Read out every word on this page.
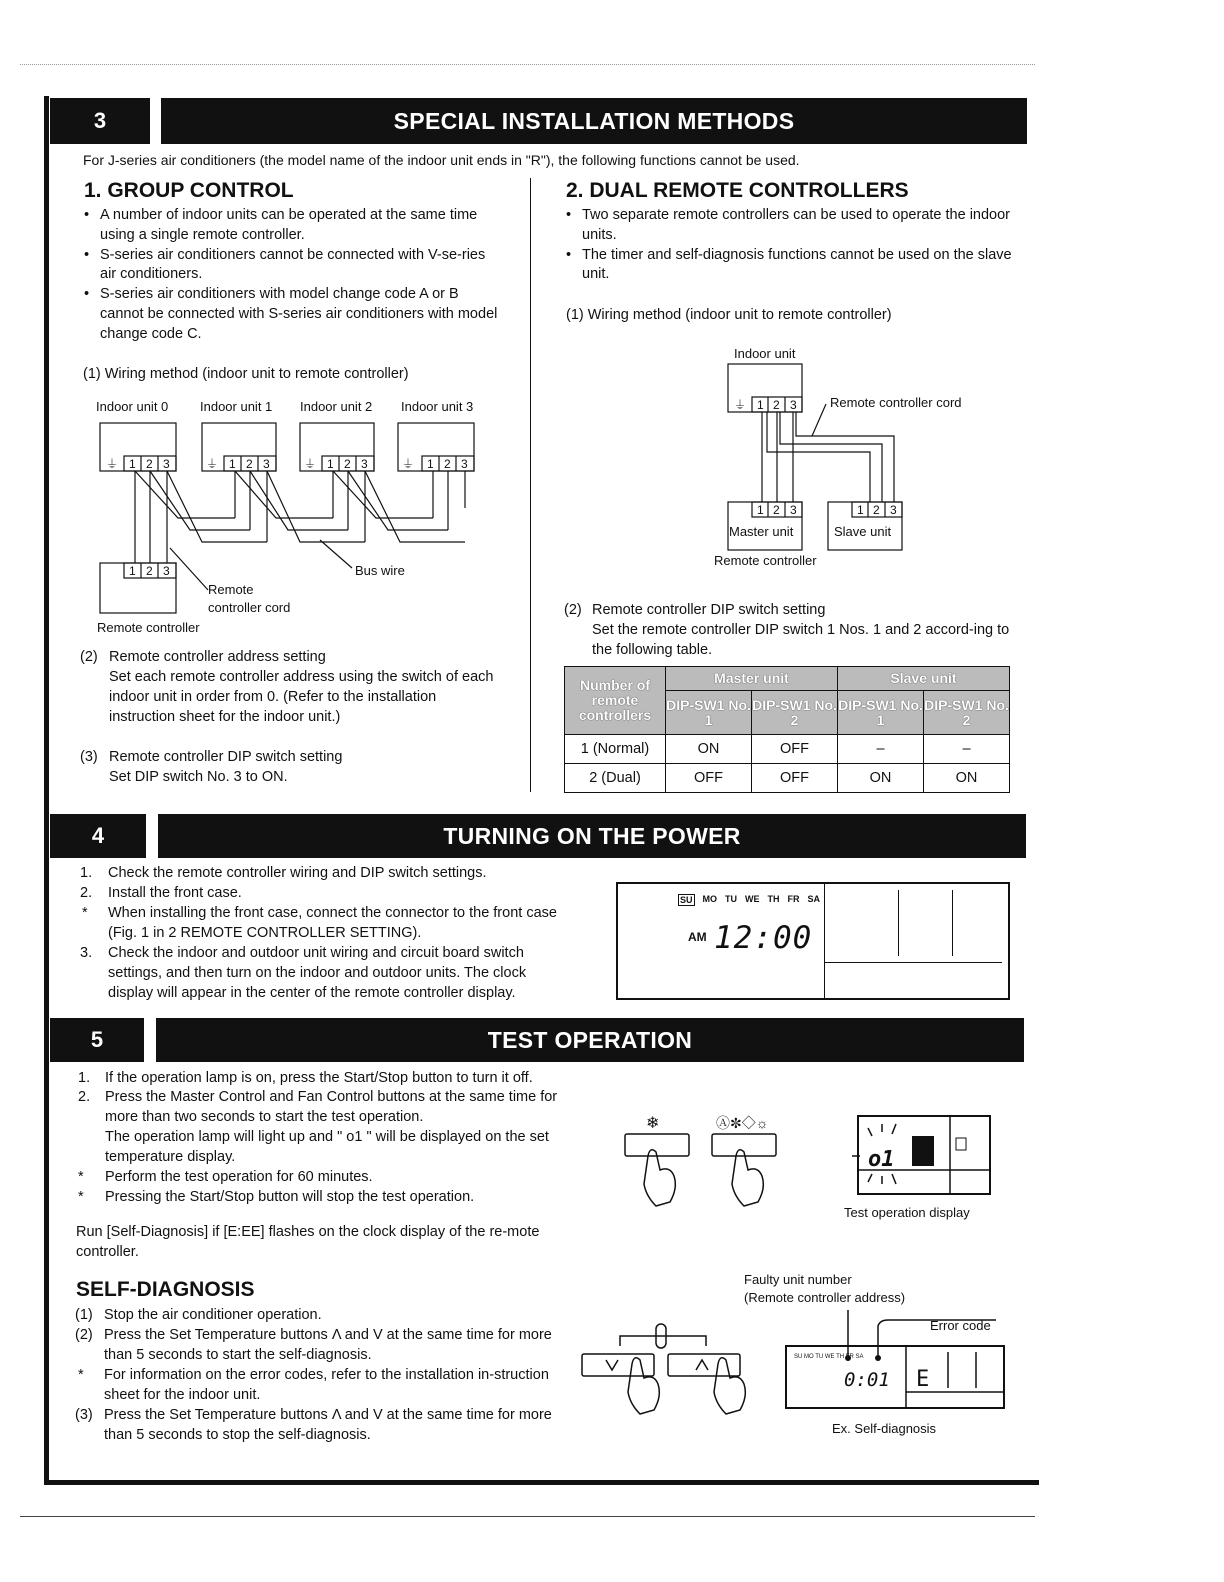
3	SPECIAL INSTALLATION METHODS
For J-series air conditioners (the model name of the indoor unit ends in "R"), the following functions cannot be used.
1. GROUP CONTROL
• A number of indoor units can be operated at the same time using a single remote controller.
• S-series air conditioners cannot be connected with V-se-ries air conditioners.
• S-series air conditioners with model change code A or B cannot be connected with S-series air conditioners with model change code C.
(1) Wiring method (indoor unit to remote controller)
Indoor unit 0 Indoor unit 1 Indoor unit 2 Indoor unit 3
⏚ 1 2 3	⏚ 1 2 3	⏚ 1 2 3	⏚ 1 2 3
1 2 3	Bus wire
Remote
controller cord
Remote controller
(2) Remote controller address setting
Set each remote controller address using the switch of each indoor unit in order from 0. (Refer to the installation instruction sheet for the indoor unit.)
(3) Remote controller DIP switch setting
Set DIP switch No. 3 to ON.
2. DUAL REMOTE CONTROLLERS
• Two separate remote controllers can be used to operate the indoor units.
• The timer and self-diagnosis functions cannot be used on the slave unit.
(1) Wiring method (indoor unit to remote controller)
Indoor unit
⏚ 1 2 3
1 2 3	1 2 3
Remote controller cord
Master unit	Slave unit
Remote controller
(2) Remote controller DIP switch setting
Set the remote controller DIP switch 1 Nos. 1 and 2 accord-ing to the following table.
Number of remote controllers	Master unit		Slave unit	
	DIP-SW1 No. 1	DIP-SW1 No. 2	DIP-SW1 No. 1	DIP-SW1 No. 2
1 (Normal)	ON	OFF	–	–
2 (Dual)	OFF	OFF	ON	ON
4	TURNING ON THE POWER
1. Check the remote controller wiring and DIP switch settings.
2. Install the front case.
* When installing the front case, connect the connector to the front case (Fig. 1 in 2 REMOTE CONTROLLER SETTING).
3. Check the indoor and outdoor unit wiring and circuit board switch settings, and then turn on the indoor and outdoor units. The clock display will appear in the center of the remote controller display.
SU MO TU WE TH FR SA
AM 12:00
5	TEST OPERATION
1. If the operation lamp is on, press the Start/Stop button to turn it off.
2. Press the Master Control and Fan Control buttons at the same time for more than two seconds to start the test operation.
The operation lamp will light up and " o1 " will be displayed on the set temperature display.
* Perform the test operation for 60 minutes.
* Pressing the Start/Stop button will stop the test operation.
Run [Self-Diagnosis] if [E:EE] flashes on the clock display of the re-mote controller.
❄	Ⓐ✼◇☼
o1
Test operation display
SELF-DIAGNOSIS
(1) Stop the air conditioner operation.
(2) Press the Set Temperature buttons Λ and V at the same time for more than 5 seconds to start the self-diagnosis.
* For information on the error codes, refer to the installation in-struction sheet for the indoor unit.
(3) Press the Set Temperature buttons Λ and V at the same time for more than 5 seconds to stop the self-diagnosis.
Faulty unit number
(Remote controller address)
Error code
SU MO TU WE TH FR SA
0:01 E
Ex. Self-diagnosis
